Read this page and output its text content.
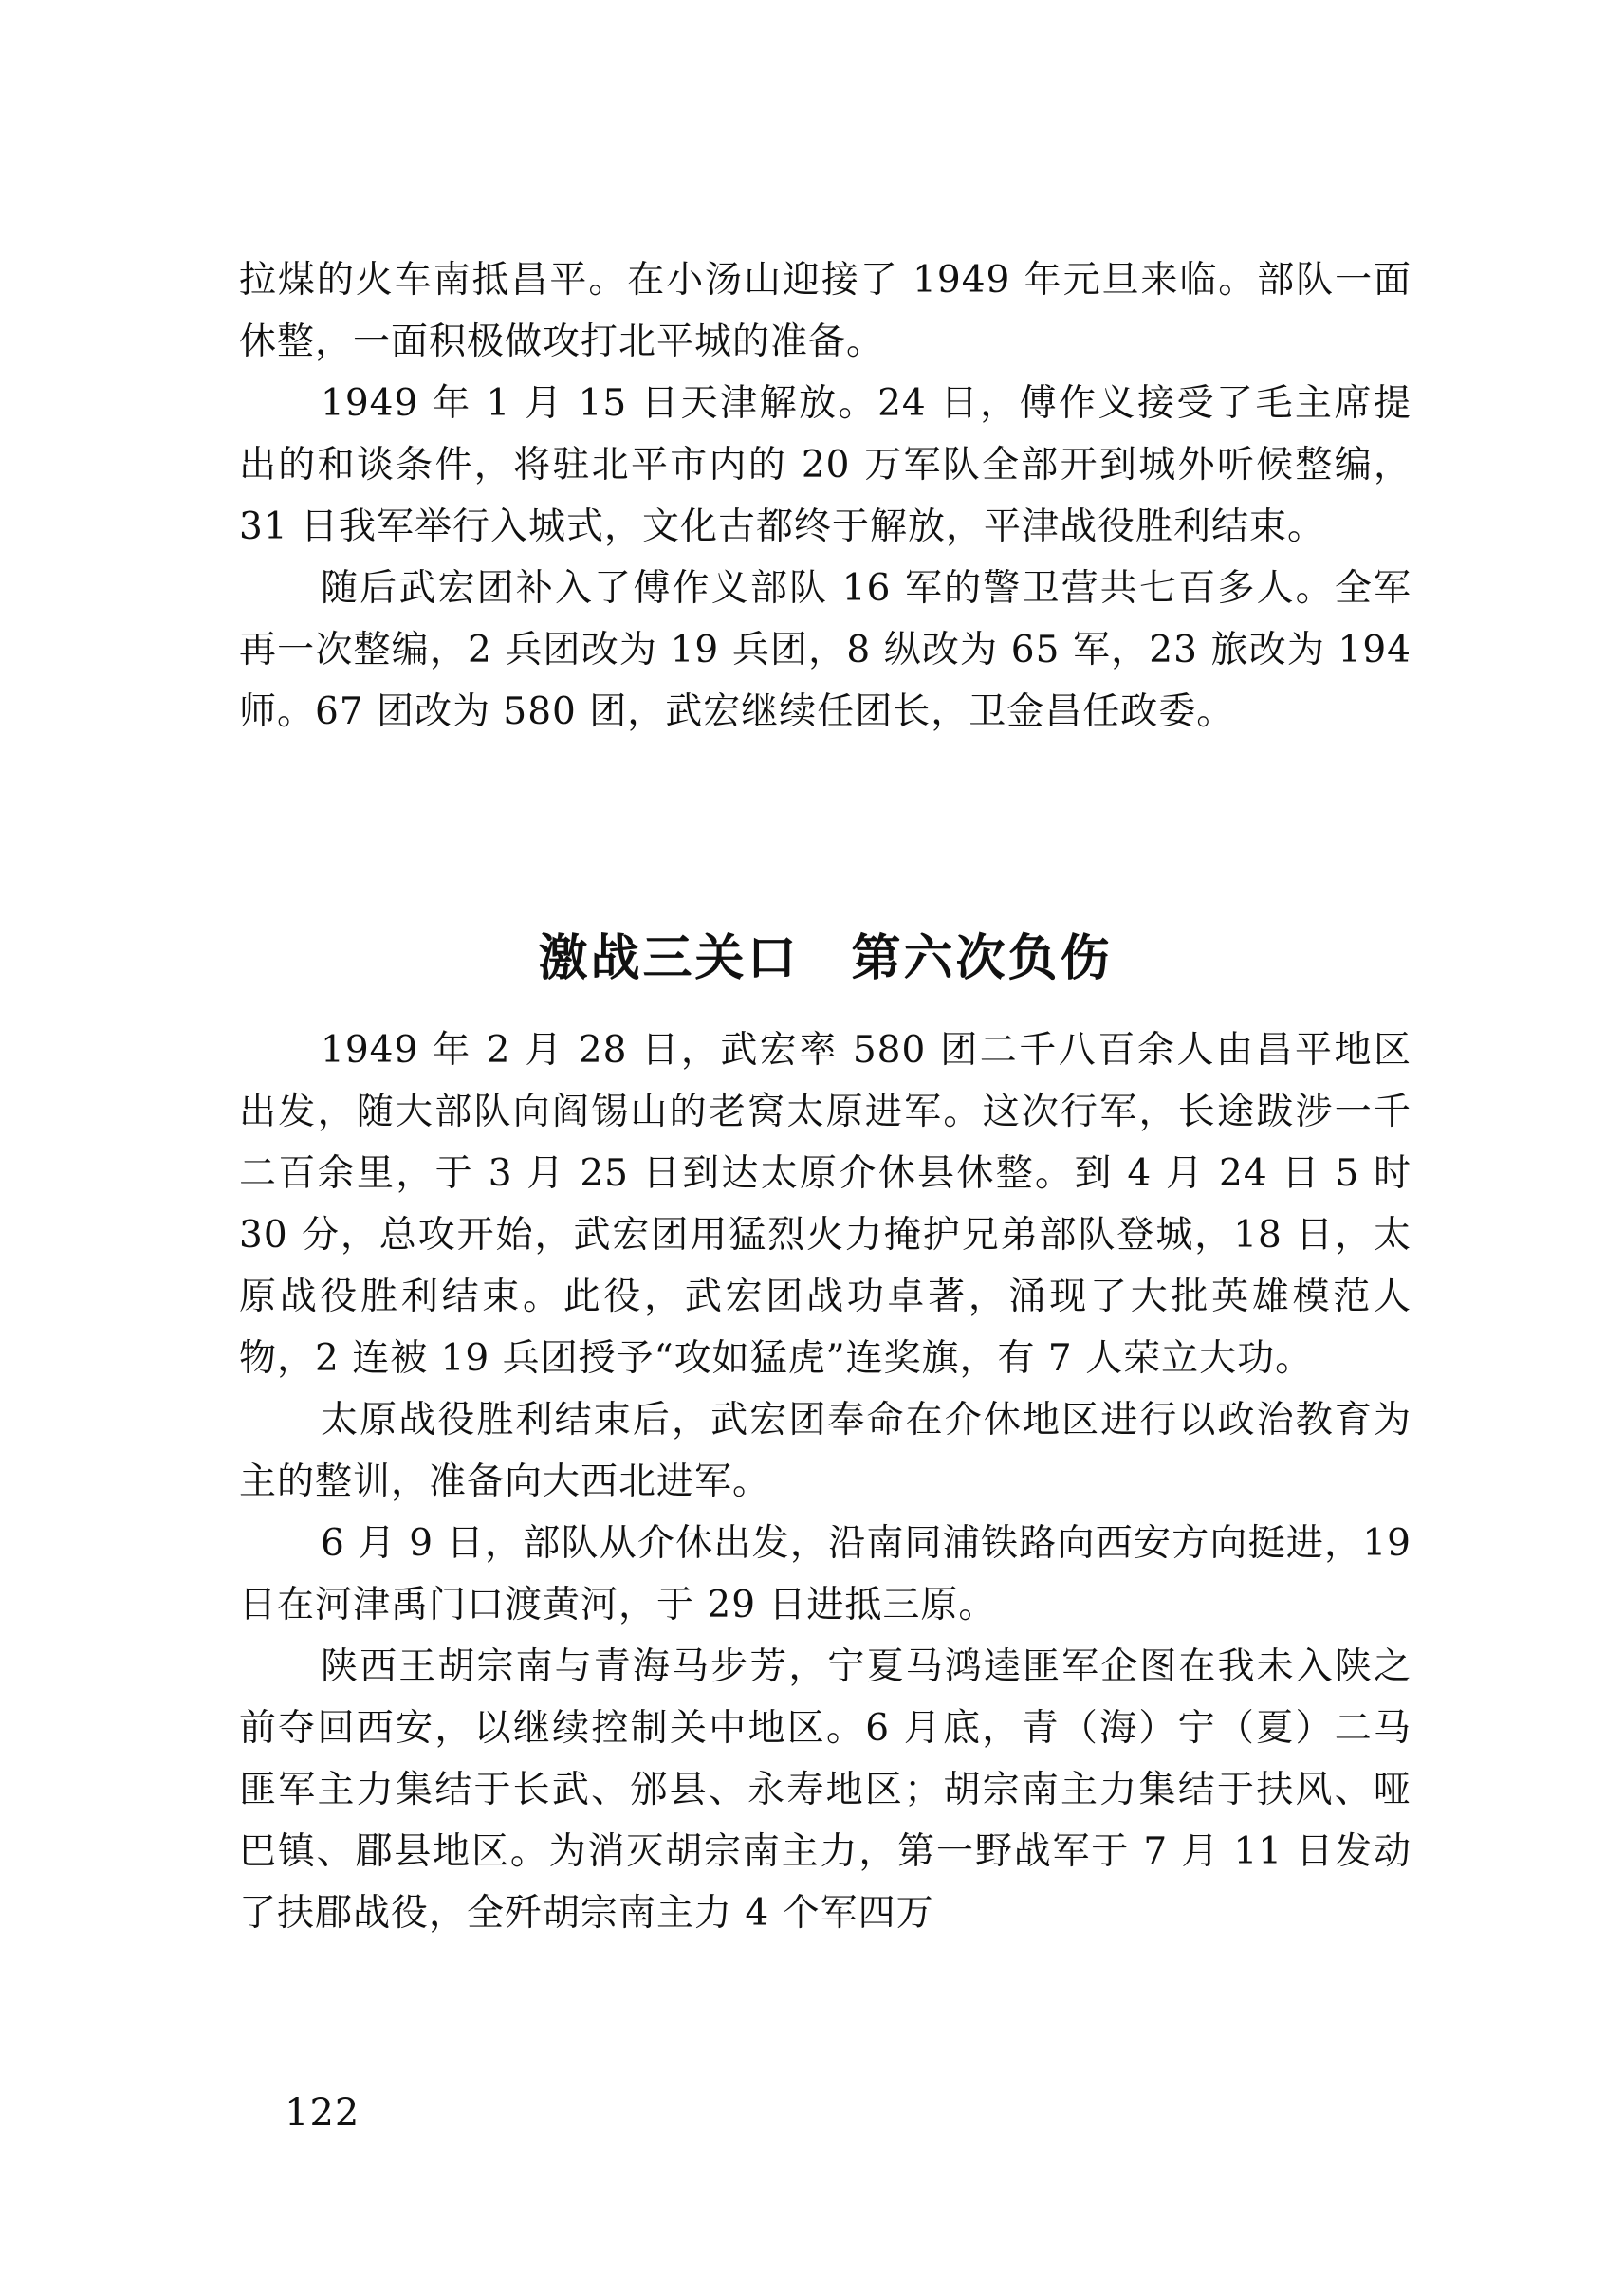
拉煤的火车南抵昌平。在小汤山迎接了 1949 年元旦来临。部队一面休整，一面积极做攻打北平城的准备。

1949 年 1 月 15 日天津解放。24 日，傅作义接受了毛主席提出的和谈条件，将驻北平市内的 20 万军队全部开到城外听候整编，31 日我军举行入城式，文化古都终于解放，平津战役胜利结束。

随后武宏团补入了傅作义部队 16 军的警卫营共七百多人。全军再一次整编，2 兵团改为 19 兵团，8 纵改为 65 军，23 旅改为 194 师。67 团改为 580 团，武宏继续任团长，卫金昌任政委。

激战三关口　第六次负伤

1949 年 2 月 28 日，武宏率 580 团二千八百余人由昌平地区出发，随大部队向阎锡山的老窝太原进军。这次行军，长途跋涉一千二百余里，于 3 月 25 日到达太原介休县休整。到 4 月 24 日 5 时 30 分，总攻开始，武宏团用猛烈火力掩护兄弟部队登城，18 日，太原战役胜利结束。此役，武宏团战功卓著，涌现了大批英雄模范人物，2 连被 19 兵团授予“攻如猛虎”连奖旗，有 7 人荣立大功。

太原战役胜利结束后，武宏团奉命在介休地区进行以政治教育为主的整训，准备向大西北进军。

6 月 9 日，部队从介休出发，沿南同浦铁路向西安方向挺进，19 日在河津禹门口渡黄河，于 29 日进抵三原。

陕西王胡宗南与青海马步芳，宁夏马鸿逵匪军企图在我未入陕之前夺回西安，以继续控制关中地区。6 月底，青（海）宁（夏）二马匪军主力集结于长武、邠县、永寿地区；胡宗南主力集结于扶风、哑巴镇、郿县地区。为消灭胡宗南主力，第一野战军于 7 月 11 日发动了扶郿战役，全歼胡宗南主力 4 个军四万

122
